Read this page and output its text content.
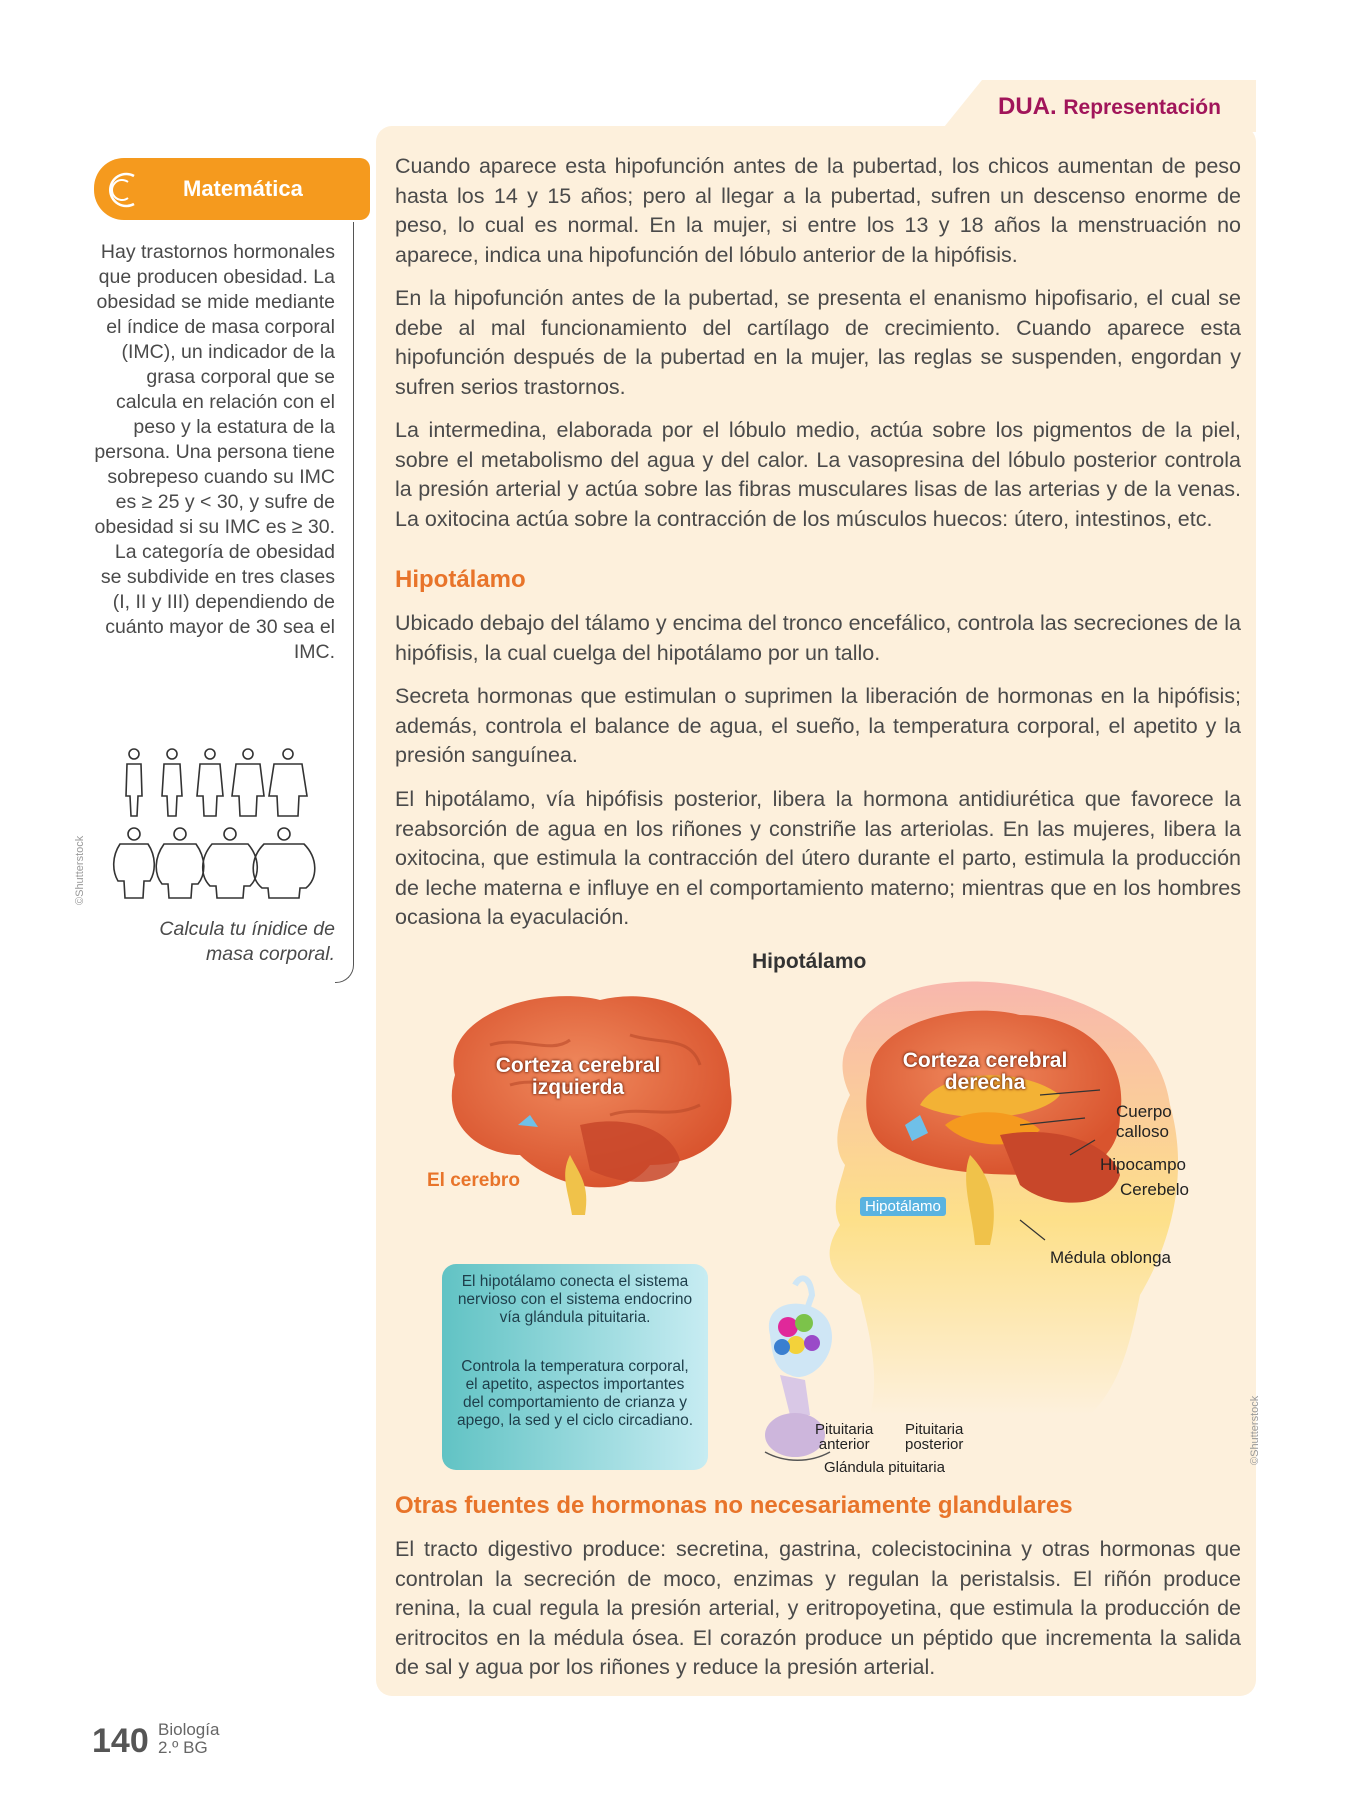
DUA. Representación

Cuando aparece esta hipofunción antes de la pubertad, los chicos aumentan de peso hasta los 14 y 15 años; pero al llegar a la pubertad, sufren un descenso enorme de peso, lo cual es normal. En la mujer, si entre los 13 y 18 años la menstruación no aparece, indica una hipofunción del lóbulo anterior de la hipófisis.

En la hipofunción antes de la pubertad, se presenta el enanismo hipofisario, el cual se debe al mal funcionamiento del cartílago de crecimiento. Cuando aparece esta hipofunción después de la pubertad en la mujer, las reglas se suspenden, engordan y sufren serios trastornos.

La intermedina, elaborada por el lóbulo medio, actúa sobre los pigmentos de la piel, sobre el metabolismo del agua y del calor. La vasopresina del lóbulo posterior controla la presión arterial y actúa sobre las fibras musculares lisas de las arterias y de la venas. La oxitocina actúa sobre la contracción de los músculos huecos: útero, intestinos, etc.

Hipotálamo

Ubicado debajo del tálamo y encima del tronco encefálico, controla las secreciones de la hipófisis, la cual cuelga del hipotálamo por un tallo.

Secreta hormonas que estimulan o suprimen la liberación de hormonas en la hipófisis; además, controla el balance de agua, el sueño, la temperatura corporal, el apetito y la presión sanguínea.

El hipotálamo, vía hipófisis posterior, libera la hormona antidiurética que favorece la reabsorción de agua en los riñones y constriñe las arteriolas. En las mujeres, libera la oxitocina, que estimula la contracción del útero durante el parto, estimula la producción de leche materna e influye en el comportamiento materno; mientras que en los hombres ocasiona la eyaculación.

Hipotálamo
Corteza cerebral
izquierda
El cerebro
Corteza cerebral
derecha
Cuerpo
calloso
Hipocampo
Cerebelo
Hipotálamo
Médula oblonga

El hipotálamo conecta el sistema nervioso con el sistema endocrino vía glándula pituitaria.

Controla la temperatura corporal, el apetito, aspectos importantes del comportamiento de crianza y apego, la sed y el ciclo circadiano.

Pituitaria
anterior
Pituitaria
posterior
Glándula pituitaria
©Shutterstock
Otras fuentes de hormonas no necesariamente glandulares

El tracto digestivo produce: secretina, gastrina, colecistocinina y otras hormonas que controlan la secreción de moco, enzimas y regulan la peristalsis. El riñón produce renina, la cual regula la presión arterial, y eritropoyetina, que estimula la producción de eritrocitos en la médula ósea. El corazón produce un péptido que incrementa la salida de sal y agua por los riñones y reduce la presión arterial.

Matemática

Hay trastornos hormonales que producen obesidad. La obesidad se mide mediante el índice de masa corporal (IMC), un indicador de la grasa corporal que se calcula en relación con el peso y la estatura de la persona. Una persona tiene sobrepeso cuando su IMC es ≥ 25 y < 30, y sufre de obesidad si su IMC es ≥ 30. La categoría de obesidad se subdivide en tres clases (I, II y III) dependiendo de cuánto mayor de 30 sea el IMC.

Calcula tu ínidice de masa corporal.

©Shutterstock
140 Biología
2.º BG
